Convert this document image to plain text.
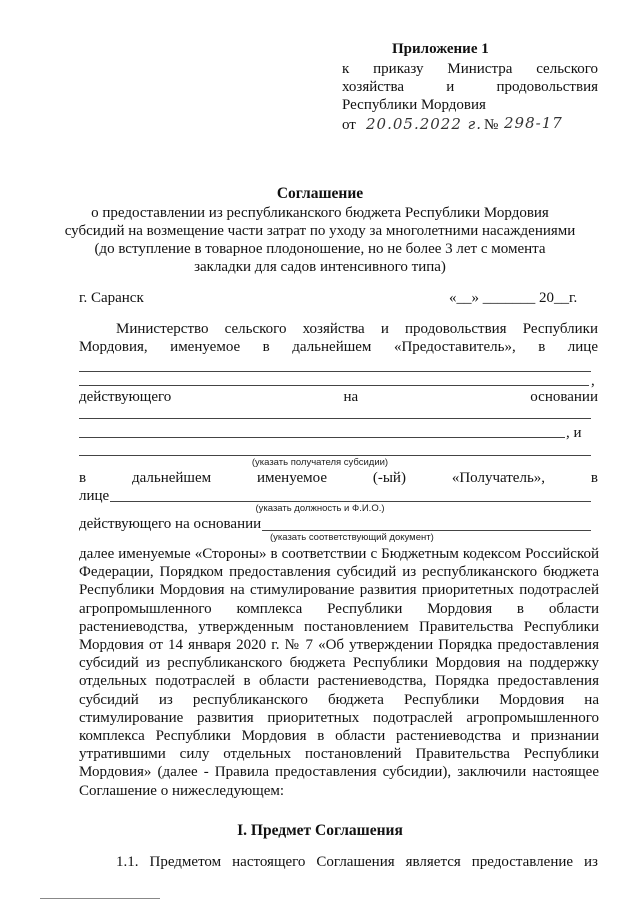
Приложение 1
к приказу Министра сельского
хозяйства и продовольствия
Республики Мордовия
от 20.05.2022 г. № 298-17
Соглашение
о предоставлении из республиканского бюджета Республики Мордовия
субсидий на возмещение части затрат по уходу за многолетними насаждениями
(до вступление в товарное плодоношение, но не более 3 лет с момента
закладки для садов интенсивного типа)
г. Саранск	«__» _______ 20__г.
Министерство сельского хозяйства и продовольствия Республики
Мордовия, именуемое в дальнейшем «Предоставитель», в лице
,
действующего на основании
, и
(указать получателя субсидии)
в дальнейшем именуемое (-ый) «Получатель», в
лице
(указать должность и Ф.И.О.)
действующего на основании
(указать соответствующий документ)

далее именуемые «Стороны» в соответствии с Бюджетным кодексом Российской Федерации, Порядком предоставления субсидий из республиканского бюджета Республики Мордовия на стимулирование развития приоритетных подотраслей агропромышленного комплекса Республики Мордовия в области растениеводства, утвержденным постановлением Правительства Республики Мордовия от 14 января 2020 г. № 7 «Об утверждении Порядка предоставления субсидий из республиканского бюджета Республики Мордовия на поддержку отдельных подотраслей в области растениеводства, Порядка предоставления субсидий из республиканского бюджета Республики Мордовия на стимулирование развития приоритетных подотраслей агропромышленного комплекса Республики Мордовия в области растениеводства и признании утратившими силу отдельных постановлений Правительства Республики Мордовия» (далее - Правила предоставления субсидии), заключили настоящее Соглашение о нижеследующем:

I. Предмет Соглашения
1.1. Предметом настоящего Соглашения является предоставление из
